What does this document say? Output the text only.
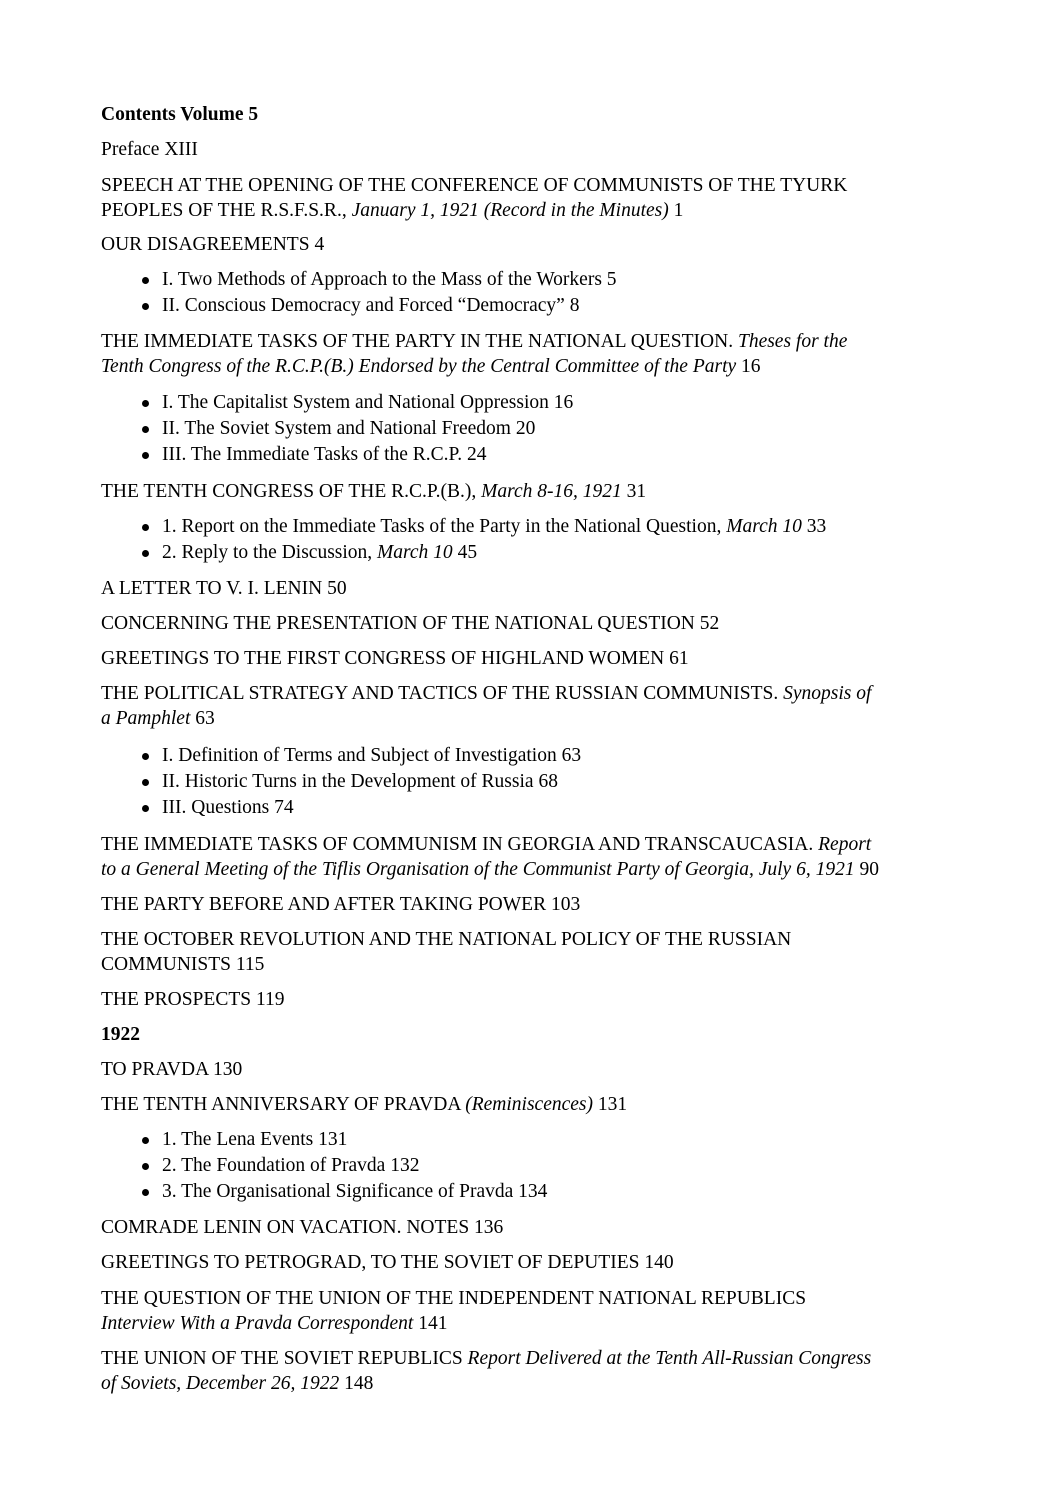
Contents Volume 5

Preface XIII

SPEECH AT THE OPENING OF THE CONFERENCE OF COMMUNISTS OF THE TYURK
PEOPLES OF THE R.S.F.S.R., January 1, 1921 (Record in the Minutes) 1

OUR DISAGREEMENTS 4

I. Two Methods of Approach to the Mass of the Workers 5
II. Conscious Democracy and Forced “Democracy” 8

THE IMMEDIATE TASKS OF THE PARTY IN THE NATIONAL QUESTION. Theses for the
Tenth Congress of the R.C.P.(B.) Endorsed by the Central Committee of the Party 16

I. The Capitalist System and National Oppression 16
II. The Soviet System and National Freedom 20
III. The Immediate Tasks of the R.C.P. 24

THE TENTH CONGRESS OF THE R.C.P.(B.), March 8-16, 1921 31

1. Report on the Immediate Tasks of the Party in the National Question, March 10 33
2. Reply to the Discussion, March 10 45

A LETTER TO V. I. LENIN 50

CONCERNING THE PRESENTATION OF THE NATIONAL QUESTION 52

GREETINGS TO THE FIRST CONGRESS OF HIGHLAND WOMEN 61

THE POLITICAL STRATEGY AND TACTICS OF THE RUSSIAN COMMUNISTS. Synopsis of
a Pamphlet 63

I. Definition of Terms and Subject of Investigation 63
II. Historic Turns in the Development of Russia 68
III. Questions 74

THE IMMEDIATE TASKS OF COMMUNISM IN GEORGIA AND TRANSCAUCASIA. Report
to a General Meeting of the Tiflis Organisation of the Communist Party of Georgia, July 6, 1921 90

THE PARTY BEFORE AND AFTER TAKING POWER 103

THE OCTOBER REVOLUTION AND THE NATIONAL POLICY OF THE RUSSIAN
COMMUNISTS 115

THE PROSPECTS 119

1922

TO PRAVDA 130

THE TENTH ANNIVERSARY OF PRAVDA (Reminiscences) 131

1. The Lena Events 131
2. The Foundation of Pravda 132
3. The Organisational Significance of Pravda 134

COMRADE LENIN ON VACATION. NOTES 136

GREETINGS TO PETROGRAD, TO THE SOVIET OF DEPUTIES 140

THE QUESTION OF THE UNION OF THE INDEPENDENT NATIONAL REPUBLICS
Interview With a Pravda Correspondent 141

THE UNION OF THE SOVIET REPUBLICS Report Delivered at the Tenth All-Russian Congress
of Soviets, December 26, 1922 148
